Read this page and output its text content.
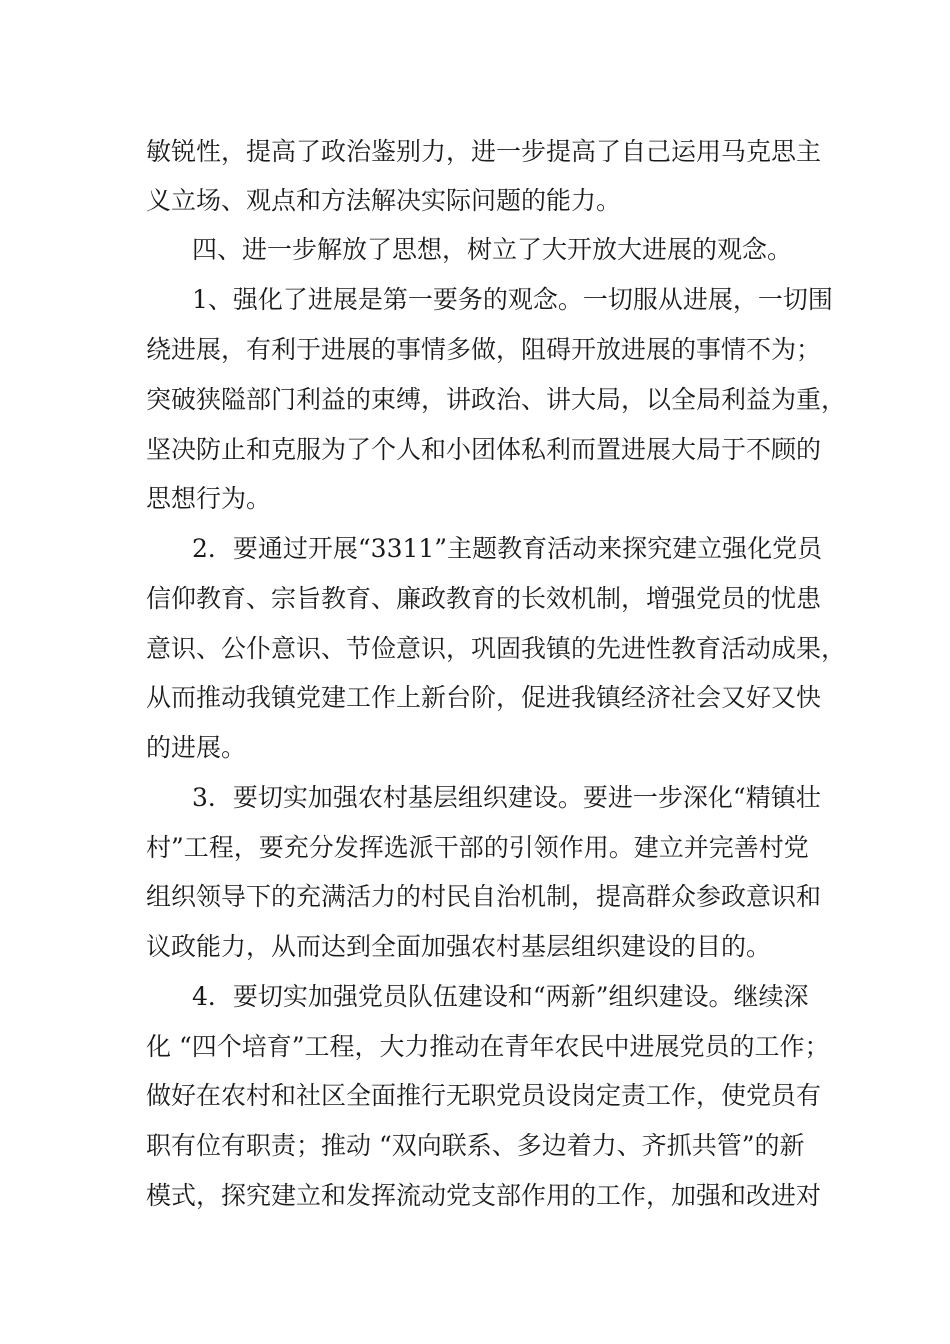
敏锐性，提高了政治鉴别力，进一步提高了自己运用马克思主
义立场、观点和方法解决实际问题的能力。
四、进一步解放了思想，树立了大开放大进展的观念。
1、强化了进展是第一要务的观念。一切服从进展，一切围
绕进展，有利于进展的事情多做，阻碍开放进展的事情不为；
突破狭隘部门利益的束缚，讲政治、讲大局，以全局利益为重，
坚决防止和克服为了个人和小团体私利而置进展大局于不顾的
思想行为。
2．要通过开展“3311”主题教育活动来探究建立强化党员
信仰教育、宗旨教育、廉政教育的长效机制，增强党员的忧患
意识、公仆意识、节俭意识，巩固我镇的先进性教育活动成果，
从而推动我镇党建工作上新台阶，促进我镇经济社会又好又快
的进展。
3．要切实加强农村基层组织建设。要进一步深化“精镇壮
村”工程，要充分发挥选派干部的引领作用。建立并完善村党
组织领导下的充满活力的村民自治机制，提高群众参政意识和
议政能力，从而达到全面加强农村基层组织建设的目的。
4．要切实加强党员队伍建设和“两新”组织建设。继续深
化 “四个培育”工程，大力推动在青年农民中进展党员的工作；
做好在农村和社区全面推行无职党员设岗定责工作，使党员有
职有位有职责；推动 “双向联系、多边着力、齐抓共管”的新
模式，探究建立和发挥流动党支部作用的工作，加强和改进对
